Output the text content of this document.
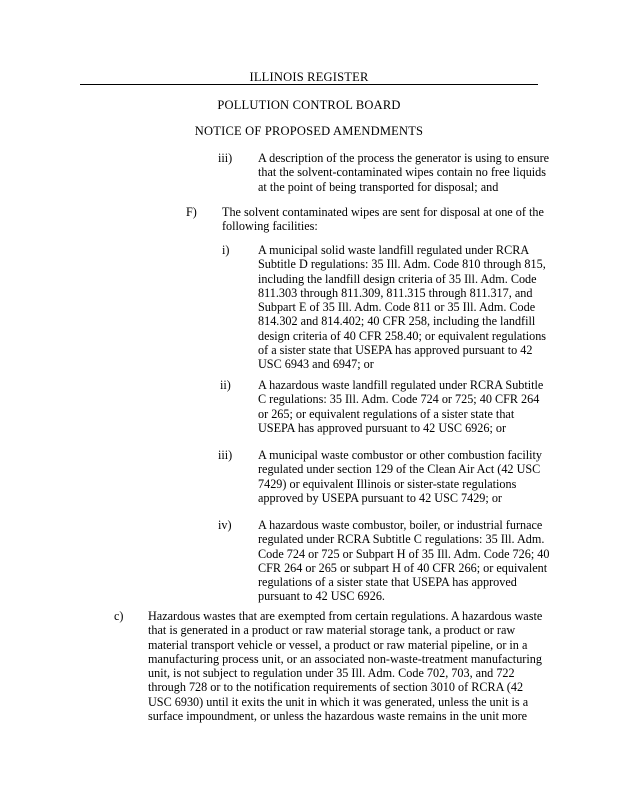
ILLINOIS REGISTER
POLLUTION CONTROL BOARD
NOTICE OF PROPOSED AMENDMENTS
iii) A description of the process the generator is using to ensure
that the solvent-contaminated wipes contain no free liquids
at the point of being transported for disposal; and
F) The solvent contaminated wipes are sent for disposal at one of the
following facilities:
i) A municipal solid waste landfill regulated under RCRA
Subtitle D regulations: 35 Ill. Adm. Code 810 through 815,
including the landfill design criteria of 35 Ill. Adm. Code
811.303 through 811.309, 811.315 through 811.317, and
Subpart E of 35 Ill. Adm. Code 811 or 35 Ill. Adm. Code
814.302 and 814.402; 40 CFR 258, including the landfill
design criteria of 40 CFR 258.40; or equivalent regulations
of a sister state that USEPA has approved pursuant to 42
USC 6943 and 6947; or
ii) A hazardous waste landfill regulated under RCRA Subtitle
C regulations: 35 Ill. Adm. Code 724 or 725; 40 CFR 264
or 265; or equivalent regulations of a sister state that
USEPA has approved pursuant to 42 USC 6926; or
iii) A municipal waste combustor or other combustion facility
regulated under section 129 of the Clean Air Act (42 USC
7429) or equivalent Illinois or sister-state regulations
approved by USEPA pursuant to 42 USC 7429; or
iv) A hazardous waste combustor, boiler, or industrial furnace
regulated under RCRA Subtitle C regulations: 35 Ill. Adm.
Code 724 or 725 or Subpart H of 35 Ill. Adm. Code 726; 40
CFR 264 or 265 or subpart H of 40 CFR 266; or equivalent
regulations of a sister state that USEPA has approved
pursuant to 42 USC 6926.
c) Hazardous wastes that are exempted from certain regulations. A hazardous waste
that is generated in a product or raw material storage tank, a product or raw
material transport vehicle or vessel, a product or raw material pipeline, or in a
manufacturing process unit, or an associated non-waste-treatment manufacturing
unit, is not subject to regulation under 35 Ill. Adm. Code 702, 703, and 722
through 728 or to the notification requirements of section 3010 of RCRA (42
USC 6930) until it exits the unit in which it was generated, unless the unit is a
surface impoundment, or unless the hazardous waste remains in the unit more
